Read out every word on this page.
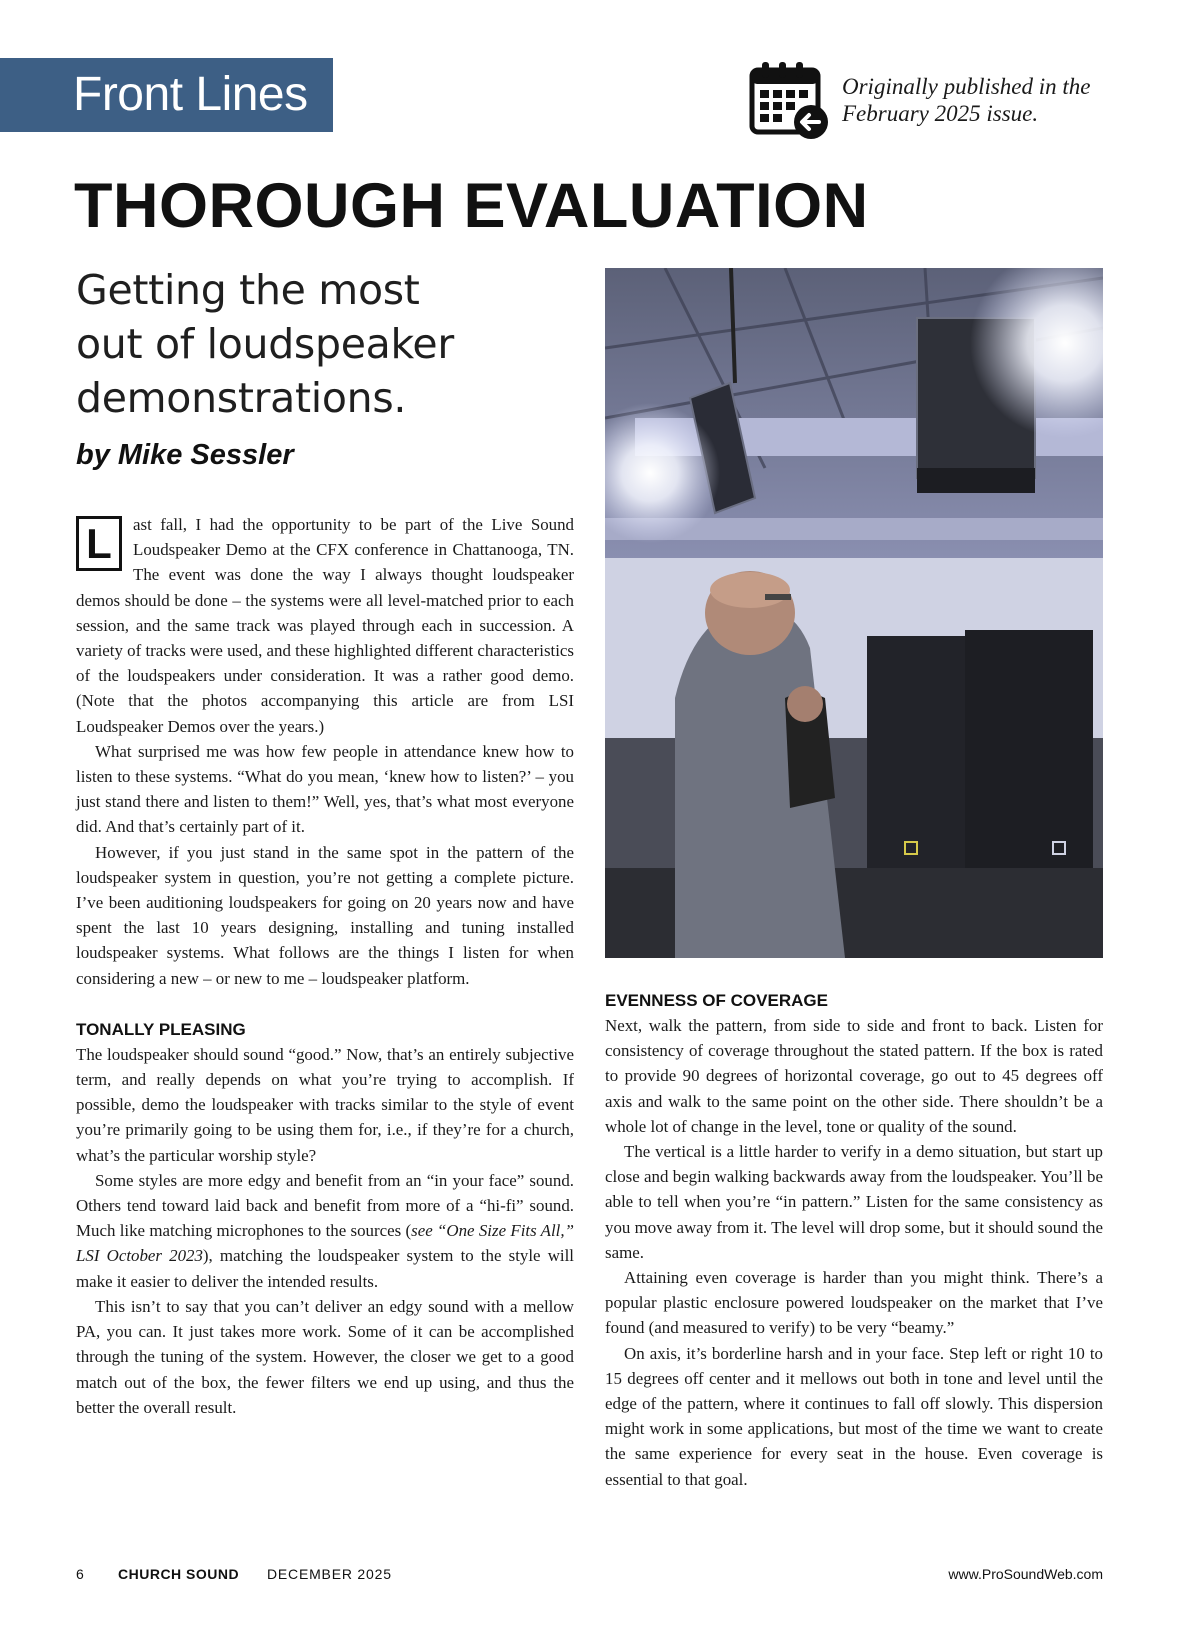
Front Lines	Originally published in the
February 2025 issue.
THOROUGH EVALUATION
Getting the most
out of loudspeaker
demonstrations.
by Mike Sessler
L	ast fall, I had the opportunity to be part of the Live Sound Loudspeaker Demo at the CFX conference in Chattanooga, TN. The event was done the way I always thought loudspeaker demos should be done – the systems were all level-matched prior to each session, and the same track was played through each in succession. A variety of tracks were used, and these highlighted different characteristics of the loudspeakers under consideration. It was a rather good demo. (Note that the photos accompanying this article are from LSI Loudspeaker Demos over the years.)

What surprised me was how few people in attendance knew how to listen to these systems. “What do you mean, ‘knew how to listen?’ – you just stand there and listen to them!” Well, yes, that’s what most everyone did. And that’s certainly part of it.

However, if you just stand in the same spot in the pattern of the loudspeaker system in question, you’re not getting a complete picture. I’ve been auditioning loudspeakers for going on 20 years now and have spent the last 10 years designing, installing and tuning installed loudspeaker systems. What follows are the things I listen for when considering a new – or new to me – loudspeaker platform.

TONALLY PLEASING

The loudspeaker should sound “good.” Now, that’s an entirely subjective term, and really depends on what you’re trying to accomplish. If possible, demo the loudspeaker with tracks similar to the style of event you’re primarily going to be using them for, i.e., if they’re for a church, what’s the particular worship style?

Some styles are more edgy and benefit from an “in your face” sound. Others tend toward laid back and benefit from more of a “hi-fi” sound. Much like matching microphones to the sources (see “One Size Fits All,” LSI October 2023), matching the loudspeaker system to the style will make it easier to deliver the intended results.

This isn’t to say that you can’t deliver an edgy sound with a mellow PA, you can. It just takes more work. Some of it can be accomplished through the tuning of the system. However, the closer we get to a good match out of the box, the fewer filters we end up using, and thus the better the overall result.

EVENNESS OF COVERAGE

Next, walk the pattern, from side to side and front to back. Listen for consistency of coverage throughout the stated pattern. If the box is rated to provide 90 degrees of horizontal coverage, go out to 45 degrees off axis and walk to the same point on the other side. There shouldn’t be a whole lot of change in the level, tone or quality of the sound.

The vertical is a little harder to verify in a demo situation, but start up close and begin walking backwards away from the loudspeaker. You’ll be able to tell when you’re “in pattern.” Listen for the same consistency as you move away from it. The level will drop some, but it should sound the same.

Attaining even coverage is harder than you might think. There’s a popular plastic enclosure powered loudspeaker on the market that I’ve found (and measured to verify) to be very “beamy.”

On axis, it’s borderline harsh and in your face. Step left or right 10 to 15 degrees off center and it mellows out both in tone and level until the edge of the pattern, where it continues to fall off slowly. This dispersion might work in some applications, but most of the time we want to create the same experience for every seat in the house. Even coverage is essential to that goal.

6 CHURCH SOUND DECEMBER 2025	www.ProSoundWeb.com
